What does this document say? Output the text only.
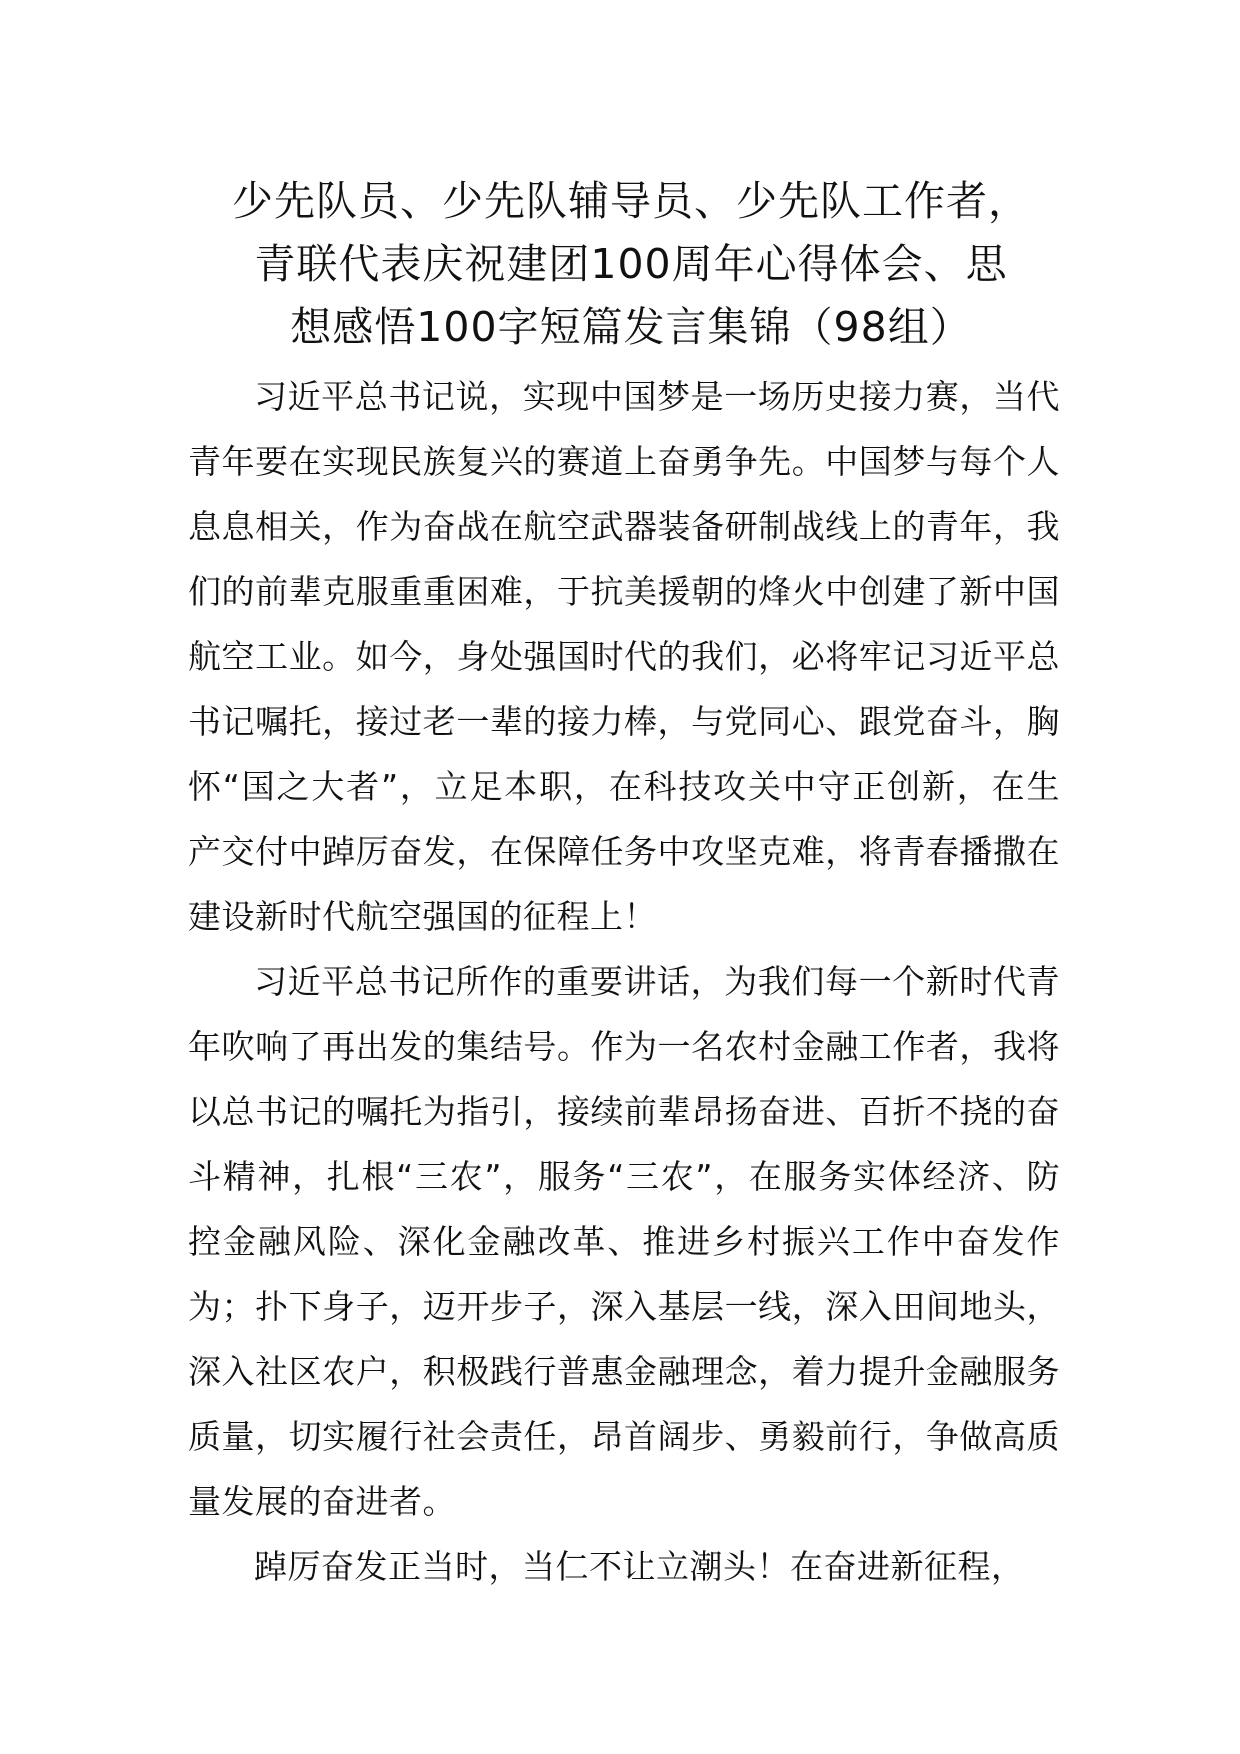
少先队员、少先队辅导员、少先队工作者，
青联代表庆祝建团100周年心得体会、思
想感悟100字短篇发言集锦（98组）

习近平总书记说，实现中国梦是一场历史接力赛，当代青年要在实现民族复兴的赛道上奋勇争先。中国梦与每个人息息相关，作为奋战在航空武器装备研制战线上的青年，我们的前辈克服重重困难，于抗美援朝的烽火中创建了新中国航空工业。如今，身处强国时代的我们，必将牢记习近平总书记嘱托，接过老一辈的接力棒，与党同心、跟党奋斗，胸怀“国之大者”，立足本职，在科技攻关中守正创新，在生产交付中踔厉奋发，在保障任务中攻坚克难，将青春播撒在建设新时代航空强国的征程上！

习近平总书记所作的重要讲话，为我们每一个新时代青年吹响了再出发的集结号。作为一名农村金融工作者，我将以总书记的嘱托为指引，接续前辈昂扬奋进、百折不挠的奋斗精神，扎根“三农”，服务“三农”，在服务实体经济、防控金融风险、深化金融改革、推进乡村振兴工作中奋发作为；扑下身子，迈开步子，深入基层一线，深入田间地头，深入社区农户，积极践行普惠金融理念，着力提升金融服务质量，切实履行社会责任，昂首阔步、勇毅前行，争做高质量发展的奋进者。

踔厉奋发正当时，当仁不让立潮头！在奋进新征程，
